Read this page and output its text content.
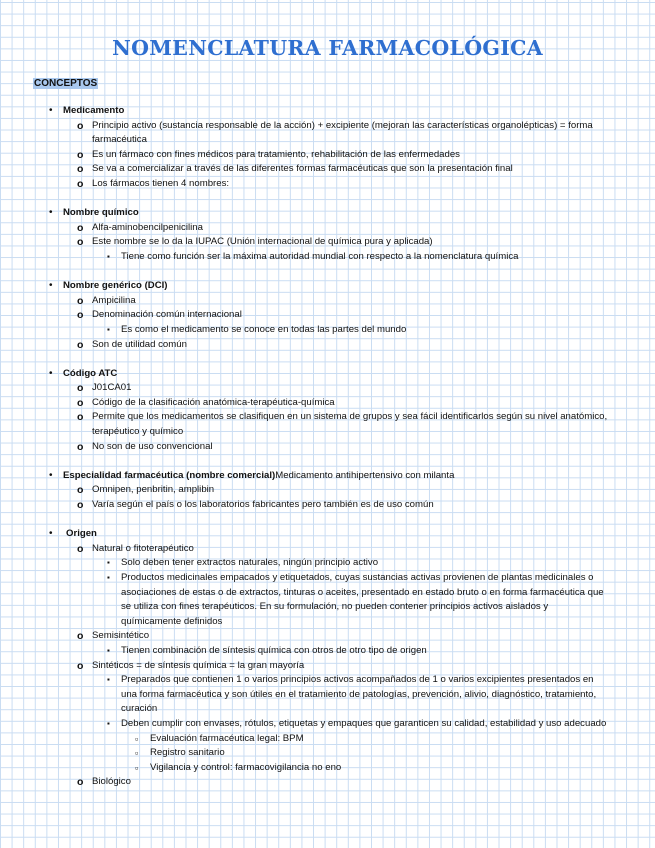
NOMENCLATURA FARMACOLÓGICA
CONCEPTOS
• Medicamento
o Principio activo (sustancia responsable de la acción) + excipiente (mejoran las características organolépticas) = forma farmacéutica
o Es un fármaco con fines médicos para tratamiento, rehabilitación de las enfermedades
o Se va a comercializar a través de las diferentes formas farmacéuticas que son la presentación final
o Los fármacos tienen 4 nombres:
• Nombre químico
o Alfa-aminobencilpenicilina
o Este nombre se lo da la IUPAC (Unión internacional de química pura y aplicada)
▪ Tiene como función ser la máxima autoridad mundial con respecto a la nomenclatura química
• Nombre genérico (DCI)
o Ampicilina
o Denominación común internacional
▪ Es como el medicamento se conoce en todas las partes del mundo
o Son de utilidad común
• Código ATC
o J01CA01
o Código de la clasificación anatómica-terapéutica-química
o Permite que los medicamentos se clasifiquen en un sistema de grupos y sea fácil identificarlos según su nivel anatómico, terapéutico y químico
o No son de uso convencional
• Especialidad farmacéutica (nombre comercial)Medicamento antihipertensivo con milanta
o Omnipen, penbritin, amplibin
o Varía según el país o los laboratorios fabricantes pero también es de uso común
• Origen
o Natural o fitoterapéutico
▪ Solo deben tener extractos naturales, ningún principio activo
▪ Productos medicinales empacados y etiquetados, cuyas sustancias activas provienen de plantas medicinales o asociaciones de estas o de extractos, tinturas o aceites, presentado en estado bruto o en forma farmacéutica que se utiliza con fines terapéuticos. En su formulación, no pueden contener principios activos aislados y químicamente definidos
o Semisintético
▪ Tienen combinación de síntesis química con otros de otro tipo de origen
o Sintéticos = de síntesis química = la gran mayoría
▪ Preparados que contienen 1 o varios principios activos acompañados de 1 o varios excipientes presentados en una forma farmacéutica y son útiles en el tratamiento de patologías, prevención, alivio, diagnóstico, tratamiento, curación
▪ Deben cumplir con envases, rótulos, etiquetas y empaques que garanticen su calidad, estabilidad y uso adecuado
▫ Evaluación farmacéutica legal: BPM
▫ Registro sanitario
▫ Vigilancia y control: farmacovigilancia no eno
o Biológico
